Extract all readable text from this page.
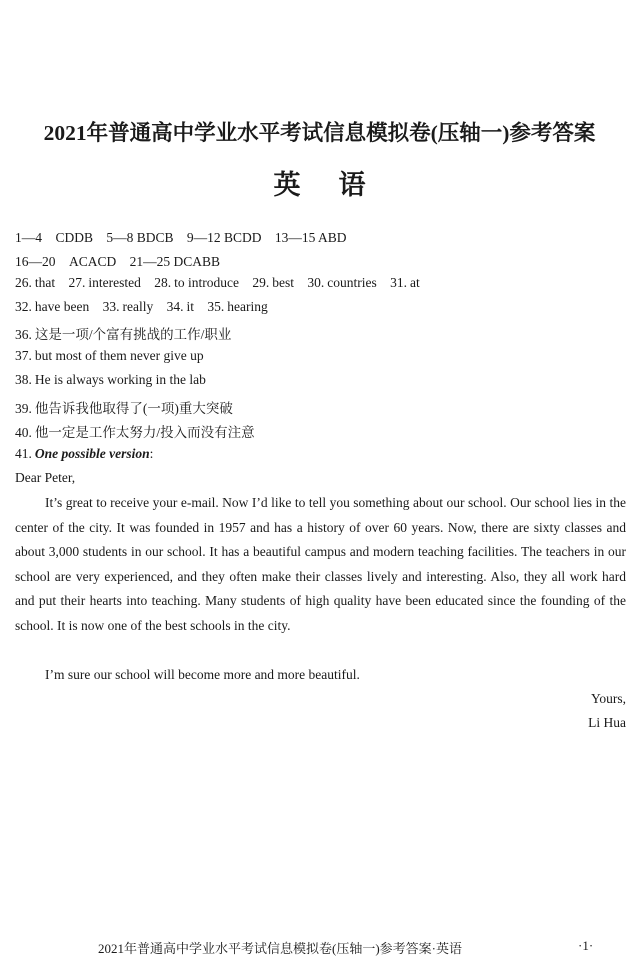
2021年普通高中学业水平考试信息模拟卷(压轴一)参考答案
英语
1—4　CDDB 5—8 BDCB 9—12 BCDD 13—15 ABD
16—20　ACACD 21—25 DCABB
26. that 27. interested 28. to introduce 29. best 30. countries 31. at
32. have been 33. really 34. it 35. hearing
36. 这是一项/个富有挑战的工作/职业
37. but most of them never give up
38. He is always working in the lab
39. 他告诉我他取得了(一项)重大突破
40. 他一定是工作太努力/投入而没有注意
41. One possible version:
Dear Peter,
It’s great to receive your e-mail. Now I’d like to tell you something about our school. Our school lies in the center of the city. It was founded in 1957 and has a history of over 60 years. Now, there are sixty classes and about 3,000 students in our school. It has a beautiful campus and modern teaching facilities. The teachers in our school are very experienced, and they often make their classes lively and interesting. Also, they all work hard and put their hearts into teaching. Many students of high quality have been educated since the founding of the school. It is now one of the best schools in the city.
I’m sure our school will become more and more beautiful.
Yours,
Li Hua
2021年普通高中学业水平考试信息模拟卷(压轴一)参考答案·英语	·1·
